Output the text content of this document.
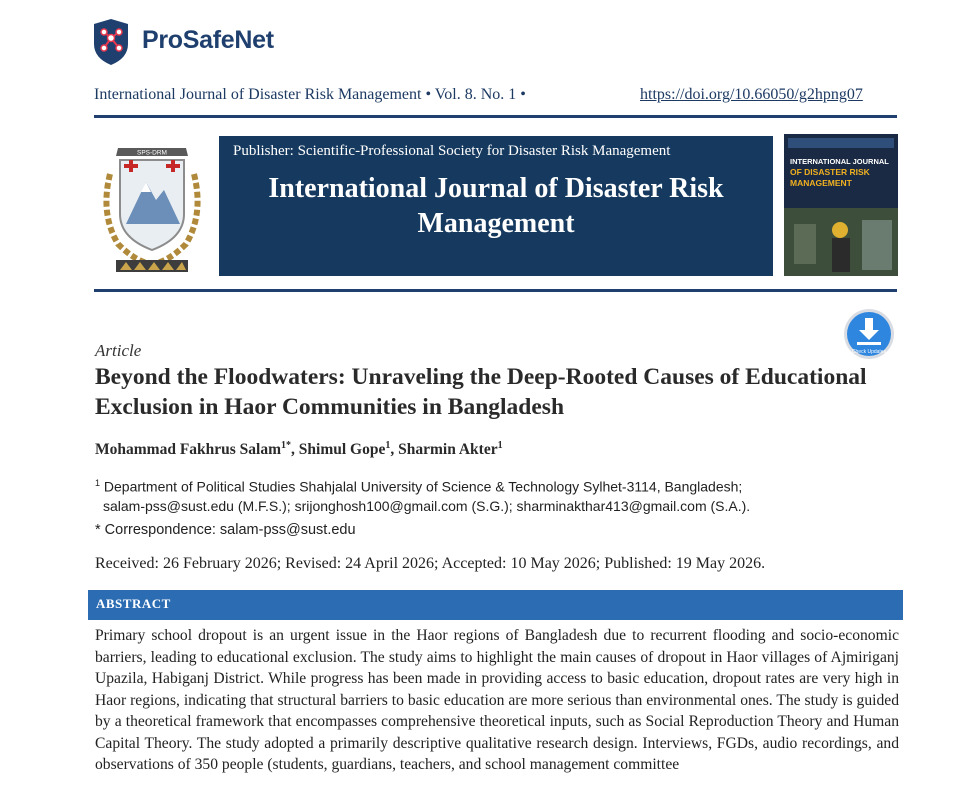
ProSafeNet
International Journal of Disaster Risk Management • Vol. 8. No. 1 •	https://doi.org/10.66050/g2hpng07
SPS-DRM	Publisher: Scientific-Professional Society for Disaster Risk Management
International Journal of Disaster Risk Management
INTERNATIONAL JOURNAL
OF DISASTER RISK
MANAGEMENT
Check Updates
Article
Beyond the Floodwaters: Unraveling the Deep-Rooted Causes of Educational Exclusion in Haor Communities in Bangladesh
Mohammad Fakhrus Salam$^{1*}$, Shimul Gope$^1$, Sharmin Akter$^1$
$^1$ Department of Political Studies Shahjalal University of Science & Technology Sylhet-3114, Bangladesh;
salam-pss@sust.edu (M.F.S.); srijonghosh100@gmail.com (S.G.); sharminakthar413@gmail.com (S.A.).
* Correspondence: salam-pss@sust.edu
Received: 26 February 2026; Revised: 24 April 2026; Accepted: 10 May 2026; Published: 19 May 2026.
ABSTRACT
Primary school dropout is an urgent issue in the Haor regions of Bangladesh due to recurrent flooding and socio-economic barriers, leading to educational exclusion. The study aims to highlight the main causes of dropout in Haor villages of Ajmiriganj Upazila, Habiganj District. While progress has been made in providing access to basic education, dropout rates are very high in Haor regions, indicating that structural barriers to basic education are more serious than environmental ones. The study is guided by a theoretical framework that encompasses comprehensive theoretical inputs, such as Social Reproduction Theory and Human Capital Theory. The study adopted a primarily descriptive qualitative research design. Interviews, FGDs, audio recordings, and observations of 350 people (students, guardians, teachers, and school management committee
